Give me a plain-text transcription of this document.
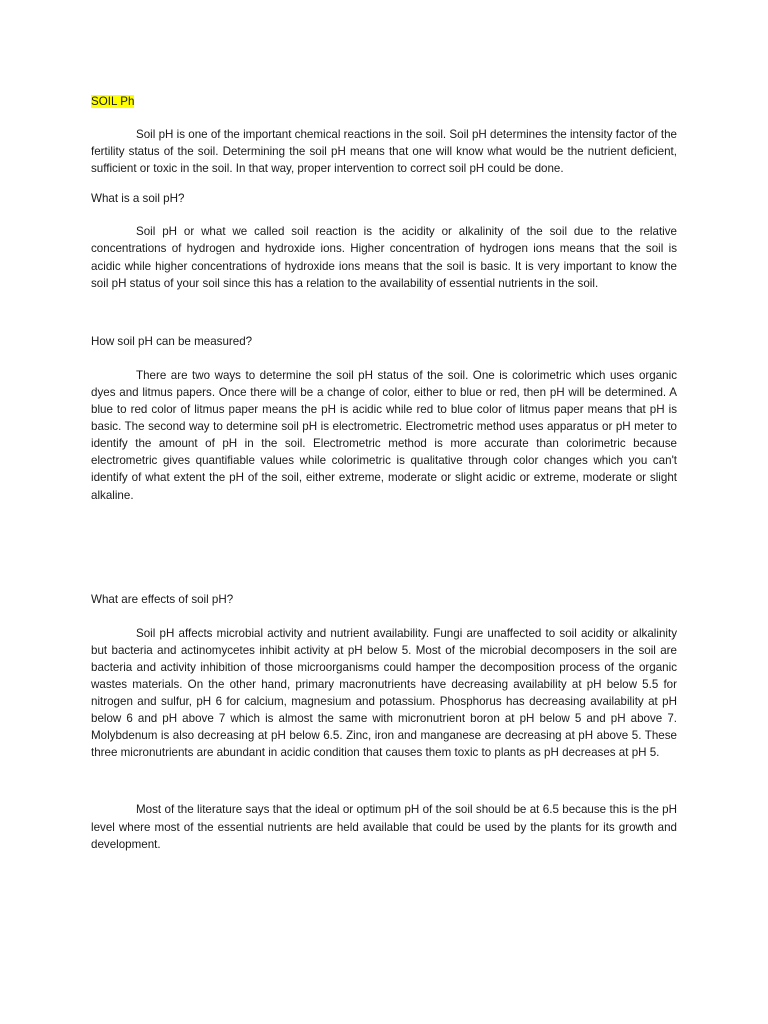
SOIL Ph

Soil pH is one of the important chemical reactions in the soil. Soil pH determines the intensity factor of the fertility status of the soil. Determining the soil pH means that one will know what would be the nutrient deficient, sufficient or toxic in the soil. In that way, proper intervention to correct soil pH could be done.

What is a soil pH?

Soil pH or what we called soil reaction is the acidity or alkalinity of the soil due to the relative concentrations of hydrogen and hydroxide ions. Higher concentration of hydrogen ions means that the soil is acidic while higher concentrations of hydroxide ions means that the soil is basic. It is very important to know the soil pH status of your soil since this has a relation to the availability of essential nutrients in the soil.

How soil pH can be measured?

There are two ways to determine the soil pH status of the soil. One is colorimetric which uses organic dyes and litmus papers. Once there will be a change of color, either to blue or red, then pH will be determined. A blue to red color of litmus paper means the pH is acidic while red to blue color of litmus paper means that pH is basic. The second way to determine soil pH is electrometric. Electrometric method uses apparatus or pH meter to identify the amount of pH in the soil. Electrometric method is more accurate than colorimetric because electrometric gives quantifiable values while colorimetric is qualitative through color changes which you can't identify of what extent the pH of the soil, either extreme, moderate or slight acidic or extreme, moderate or slight alkaline.

What are effects of soil pH?

Soil pH affects microbial activity and nutrient availability. Fungi are unaffected to soil acidity or alkalinity but bacteria and actinomycetes inhibit activity at pH below 5. Most of the microbial decomposers in the soil are bacteria and activity inhibition of those microorganisms could hamper the decomposition process of the organic wastes materials. On the other hand, primary macronutrients have decreasing availability at pH below 5.5 for nitrogen and sulfur, pH 6 for calcium, magnesium and potassium. Phosphorus has decreasing availability at pH below 6 and pH above 7 which is almost the same with micronutrient boron at pH below 5 and pH above 7. Molybdenum is also decreasing at pH below 6.5. Zinc, iron and manganese are decreasing at pH above 5. These three micronutrients are abundant in acidic condition that causes them toxic to plants as pH decreases at pH 5.

Most of the literature says that the ideal or optimum pH of the soil should be at 6.5 because this is the pH level where most of the essential nutrients are held available that could be used by the plants for its growth and development.
